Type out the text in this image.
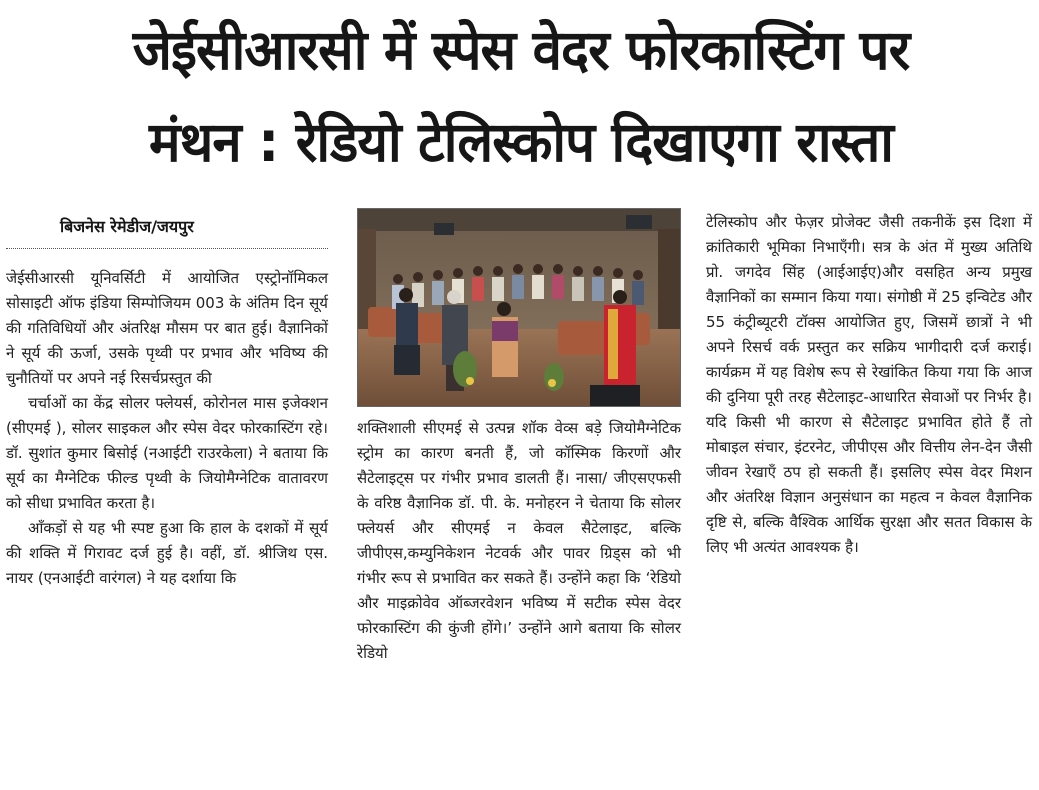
जेईसीआरसी में स्पेस वेदर फोरकास्टिंग पर
मंथन : रेडियो टेलिस्कोप दिखाएगा रास्ता
बिजनेस रेमेडीज/जयपुर

जेईसीआरसी यूनिवर्सिटी में आयोजित एस्ट्रोनॉमिकल सोसाइटी ऑफ इंडिया सिम्पोजियम 003 के अंतिम दिन सूर्य की गतिविधियों और अंतरिक्ष मौसम पर बात हुई। वैज्ञानिकों ने सूर्य की ऊर्जा, उसके पृथ्वी पर प्रभाव और भविष्य की चुनौतियों पर अपने नई रिसर्चप्रस्तुत की

चर्चाओं का केंद्र सोलर फ्लेयर्स, कोरोनल मास इजेक्शन (सीएमई ), सोलर साइकल और स्पेस वेदर फोरकास्टिंग रहे।डॉ. सुशांत कुमार बिसोई (नआईटी राउरकेला) ने बताया कि सूर्य का मैग्नेटिक फील्ड पृथ्वी के जियोमैग्नेटिक वातावरण को सीधा प्रभावित करता है।

आँकड़ों से यह भी स्पष्ट हुआ कि हाल के दशकों में सूर्य की शक्ति में गिरावट दर्ज हुई है। वहीं, डॉ. श्रीजिथ एस. नायर (एनआईटी वारंगल) ने यह दर्शाया कि

शक्तिशाली सीएमई से उत्पन्न शॉक वेव्स बड़े जियोमैग्नेटिक स्ट्रोम का कारण बनती हैं, जो कॉस्मिक किरणों और सैटेलाइट्स पर गंभीर प्रभाव डालती हैं। नासा/ जीएसएफसी के वरिष्ठ वैज्ञानिक डॉ. पी. के. मनोहरन ने चेताया कि सोलर फ्लेयर्स और सीएमई न केवल सैटेलाइट, बल्कि जीपीएस,कम्युनिकेशन नेटवर्क और पावर ग्रिड्स को भी गंभीर रूप से प्रभावित कर सकते हैं। उन्होंने कहा कि ‘रेडियो और माइक्रोवेव ऑब्जरवेशन भविष्य में सटीक स्पेस वेदर फोरकास्टिंग की कुंजी होंगे।’ उन्होंने आगे बताया कि सोलर रेडियो

टेलिस्कोप और फेज़र प्रोजेक्ट जैसी तकनीकें इस दिशा में क्रांतिकारी भूमिका निभाएँगी। सत्र के अंत में मुख्य अतिथि प्रो. जगदेव सिंह (आईआईए)और वसहित अन्य प्रमुख वैज्ञानिकों का सम्मान किया गया। संगोष्ठी में 25 इन्विटेड और 55 कंट्रीब्यूटरी टॉक्स आयोजित हुए, जिसमें छात्रों ने भी अपने रिसर्च वर्क प्रस्तुत कर सक्रिय भागीदारी दर्ज कराई। कार्यक्रम में यह विशेष रूप से रेखांकित किया गया कि आज की दुनिया पूरी तरह सैटेलाइट-आधारित सेवाओं पर निर्भर है। यदि किसी भी कारण से सैटेलाइट प्रभावित होते हैं तो मोबाइल संचार, इंटरनेट, जीपीएस और वित्तीय लेन-देन जैसी जीवन रेखाएँ ठप हो सकती हैं। इसलिए स्पेस वेदर मिशन और अंतरिक्ष विज्ञान अनुसंधान का महत्व न केवल वैज्ञानिक दृष्टि से, बल्कि वैश्विक आर्थिक सुरक्षा और सतत विकास के लिए भी अत्यंत आवश्यक है।
